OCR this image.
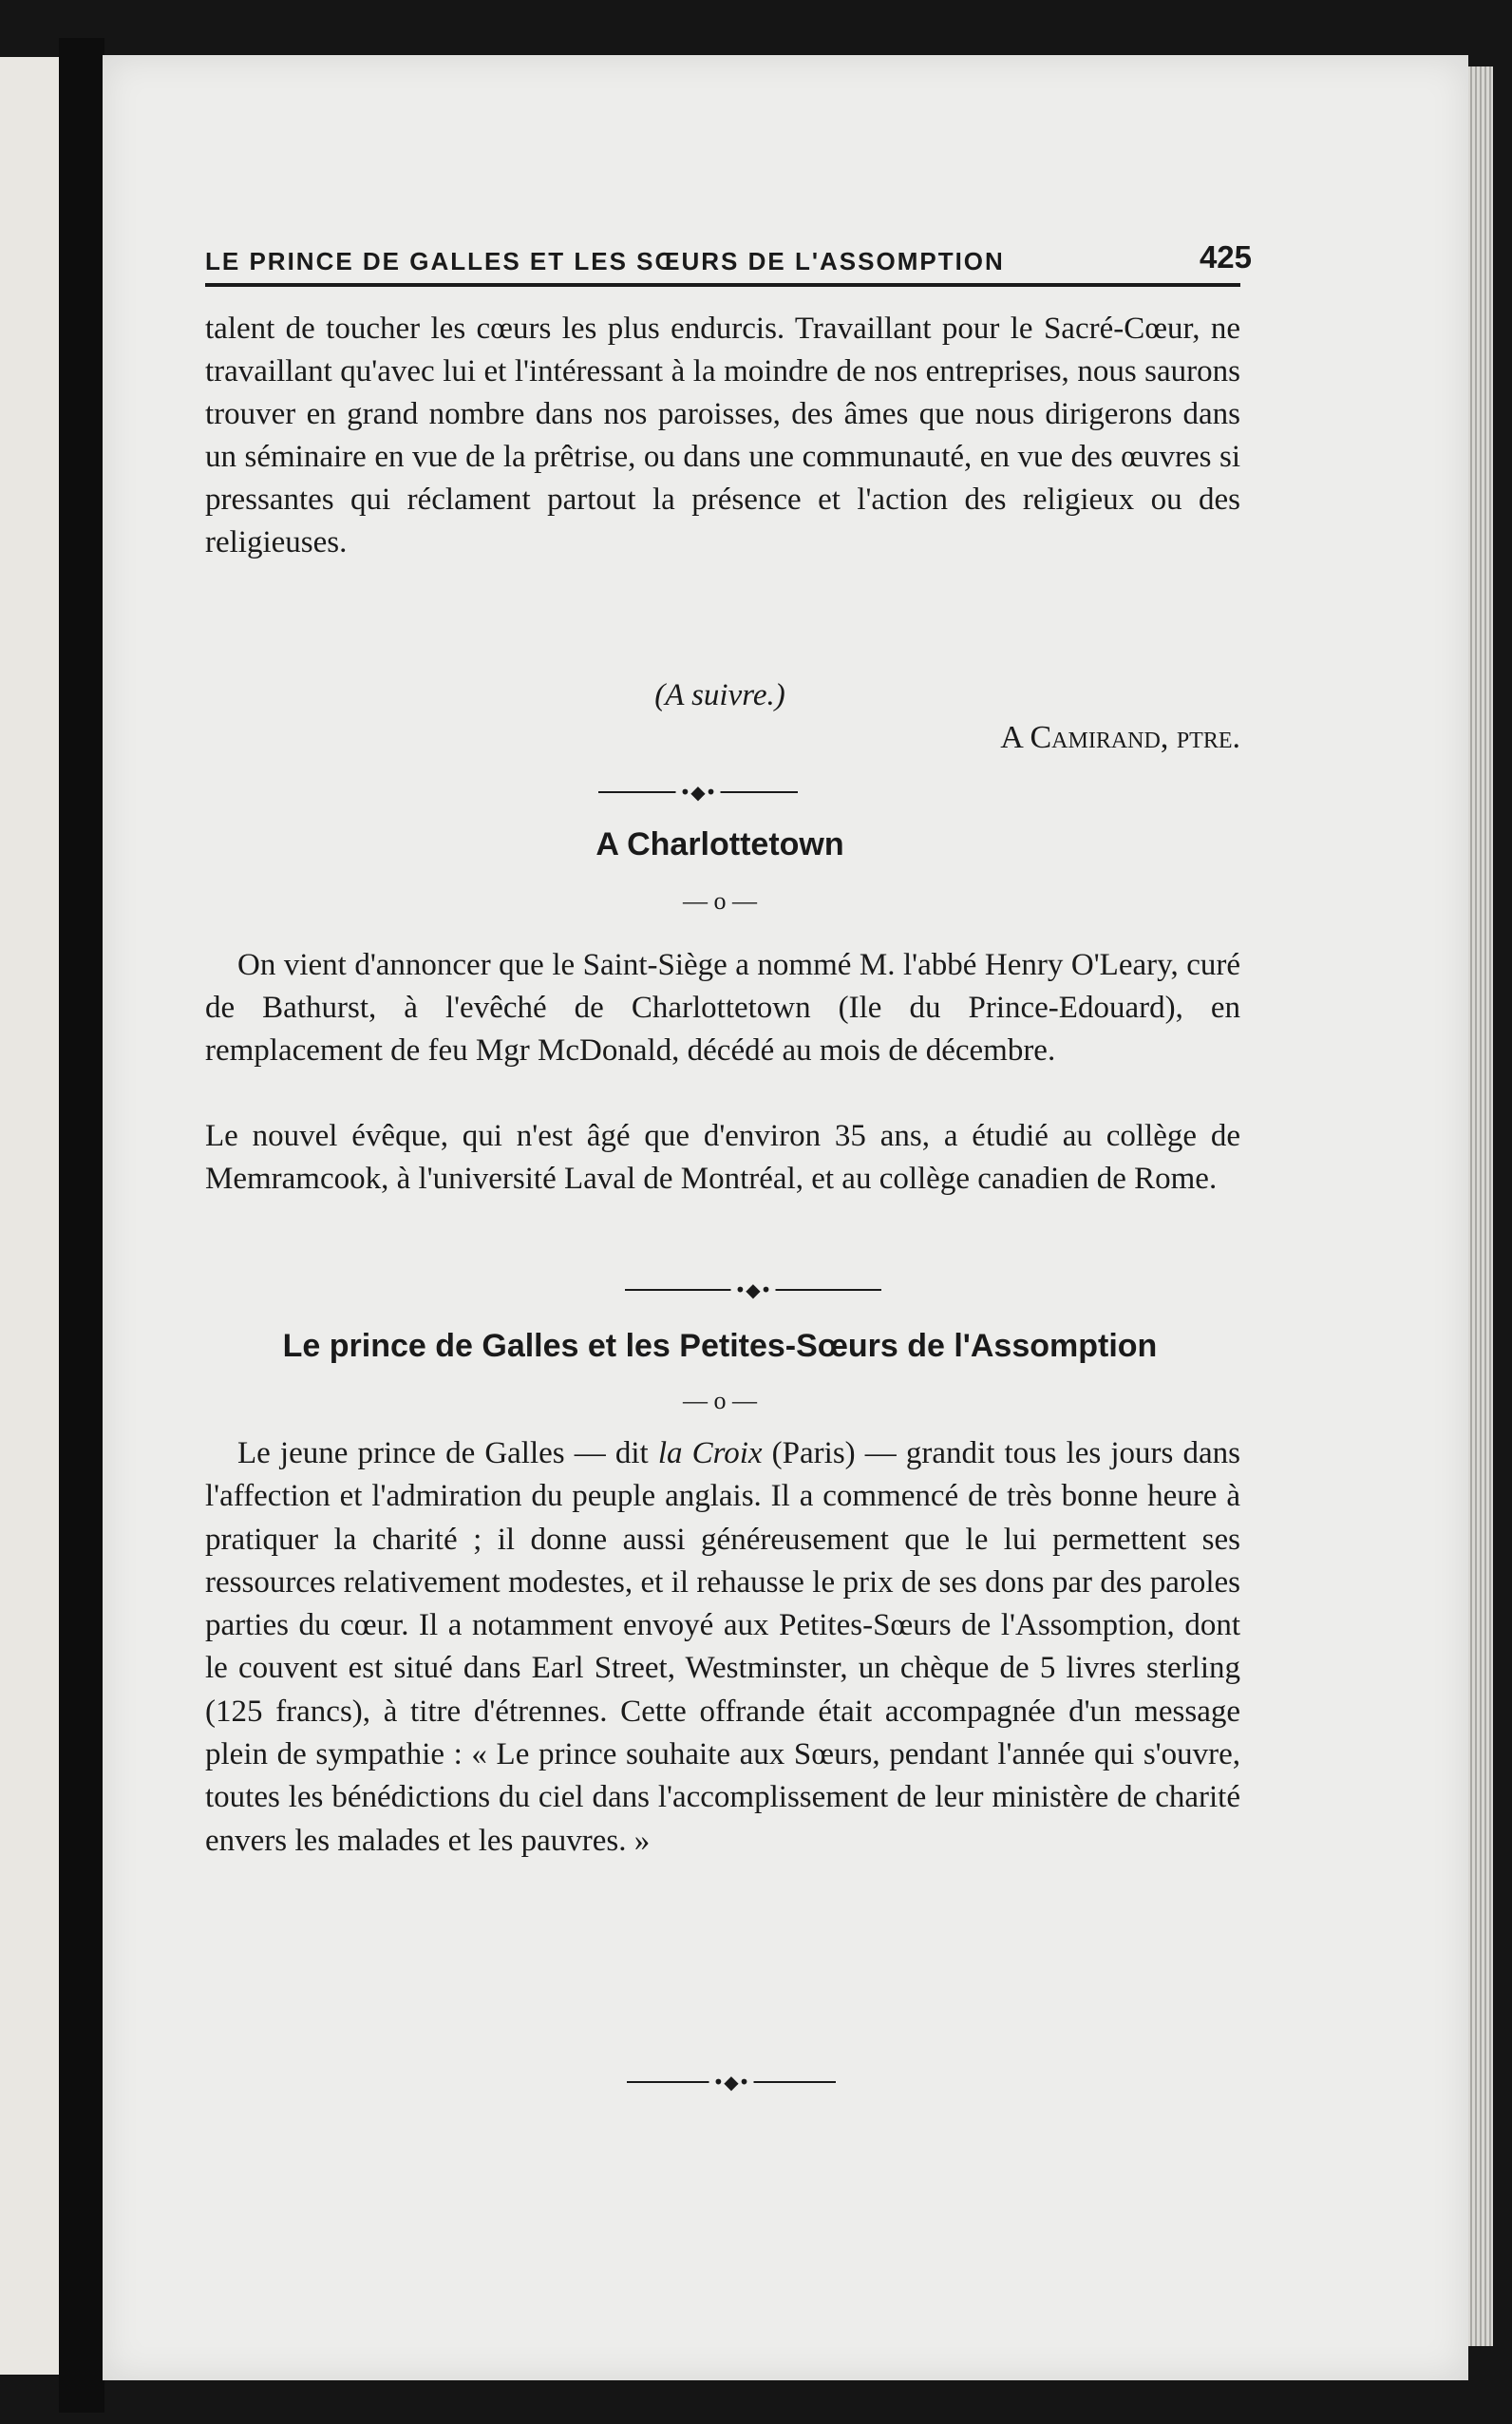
LE PRINCE DE GALLES ET LES SŒURS DE L'ASSOMPTION	425

talent de toucher les cœurs les plus endurcis. Travaillant pour le Sacré-Cœur, ne travaillant qu'avec lui et l'intéressant à la moindre de nos entreprises, nous saurons trouver en grand nombre dans nos paroisses, des âmes que nous dirigerons dans un séminaire en vue de la prêtrise, ou dans une communauté, en vue des œuvres si pressantes qui réclament partout la présence et l'action des religieux ou des religieuses.

(A suivre.)
A Camirand, ptre.
•◆•
A Charlottetown
— o —

On vient d'annoncer que le Saint-Siège a nommé M. l'abbé Henry O'Leary, curé de Bathurst, à l'evêché de Charlottetown (Ile du Prince-Edouard), en remplacement de feu Mgr McDonald, décédé au mois de décembre.

Le nouvel évêque, qui n'est âgé que d'environ 35 ans, a étudié au collège de Memramcook, à l'université Laval de Montréal, et au collège canadien de Rome.

•◆•
Le prince de Galles et les Petites-Sœurs de l'Assomption
— o —

Le jeune prince de Galles — dit la Croix (Paris) — grandit tous les jours dans l'affection et l'admiration du peuple anglais. Il a commencé de très bonne heure à pratiquer la charité ; il donne aussi généreusement que le lui permettent ses ressources relativement modestes, et il rehausse le prix de ses dons par des paroles parties du cœur. Il a notamment envoyé aux Petites-Sœurs de l'Assomption, dont le couvent est situé dans Earl Street, Westminster, un chèque de 5 livres sterling (125 francs), à titre d'étrennes. Cette offrande était accompagnée d'un message plein de sympathie : « Le prince souhaite aux Sœurs, pendant l'année qui s'ouvre, toutes les bénédictions du ciel dans l'accomplissement de leur ministère de charité envers les malades et les pauvres. »

•◆•
